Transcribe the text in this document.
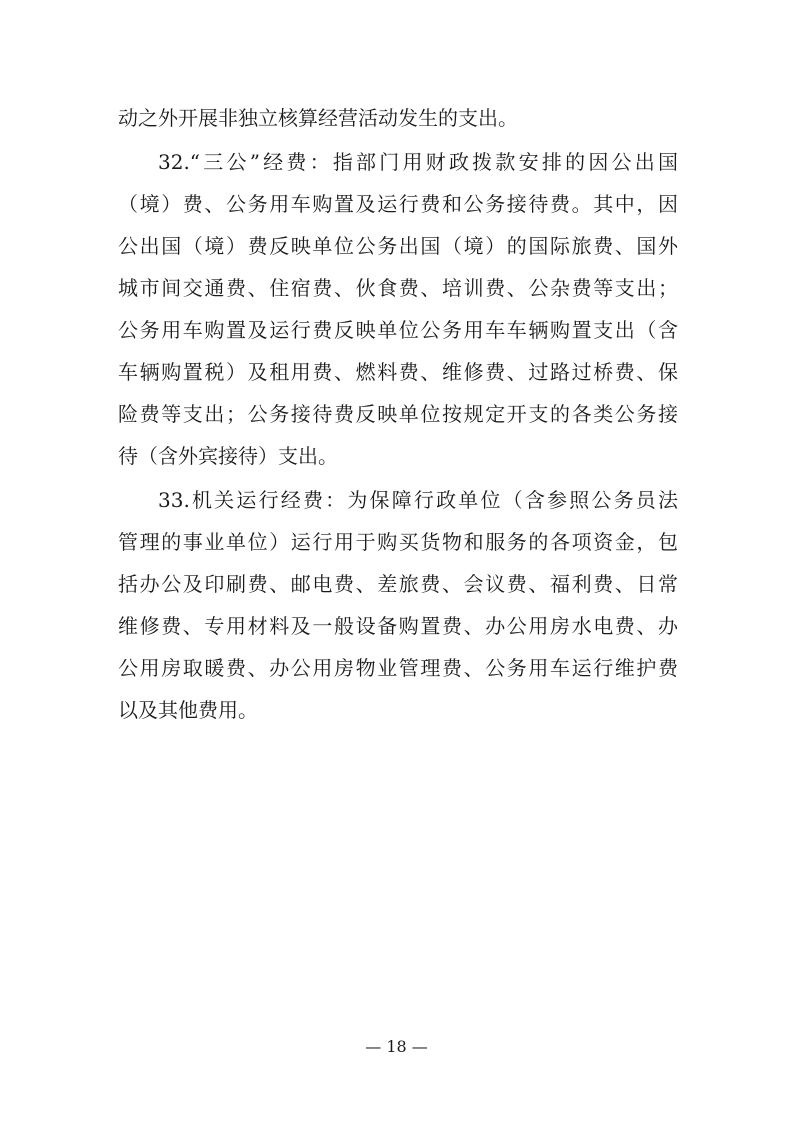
动之外开展非独立核算经营活动发生的支出。
32.“三公”经费：指部门用财政拨款安排的因公出国
（境）费、公务用车购置及运行费和公务接待费。其中，因
公出国（境）费反映单位公务出国（境）的国际旅费、国外
城市间交通费、住宿费、伙食费、培训费、公杂费等支出；
公务用车购置及运行费反映单位公务用车车辆购置支出（含
车辆购置税）及租用费、燃料费、维修费、过路过桥费、保
险费等支出；公务接待费反映单位按规定开支的各类公务接
待（含外宾接待）支出。
33.机关运行经费：为保障行政单位（含参照公务员法
管理的事业单位）运行用于购买货物和服务的各项资金，包
括办公及印刷费、邮电费、差旅费、会议费、福利费、日常
维修费、专用材料及一般设备购置费、办公用房水电费、办
公用房取暖费、办公用房物业管理费、公务用车运行维护费
以及其他费用。
— 18 —
